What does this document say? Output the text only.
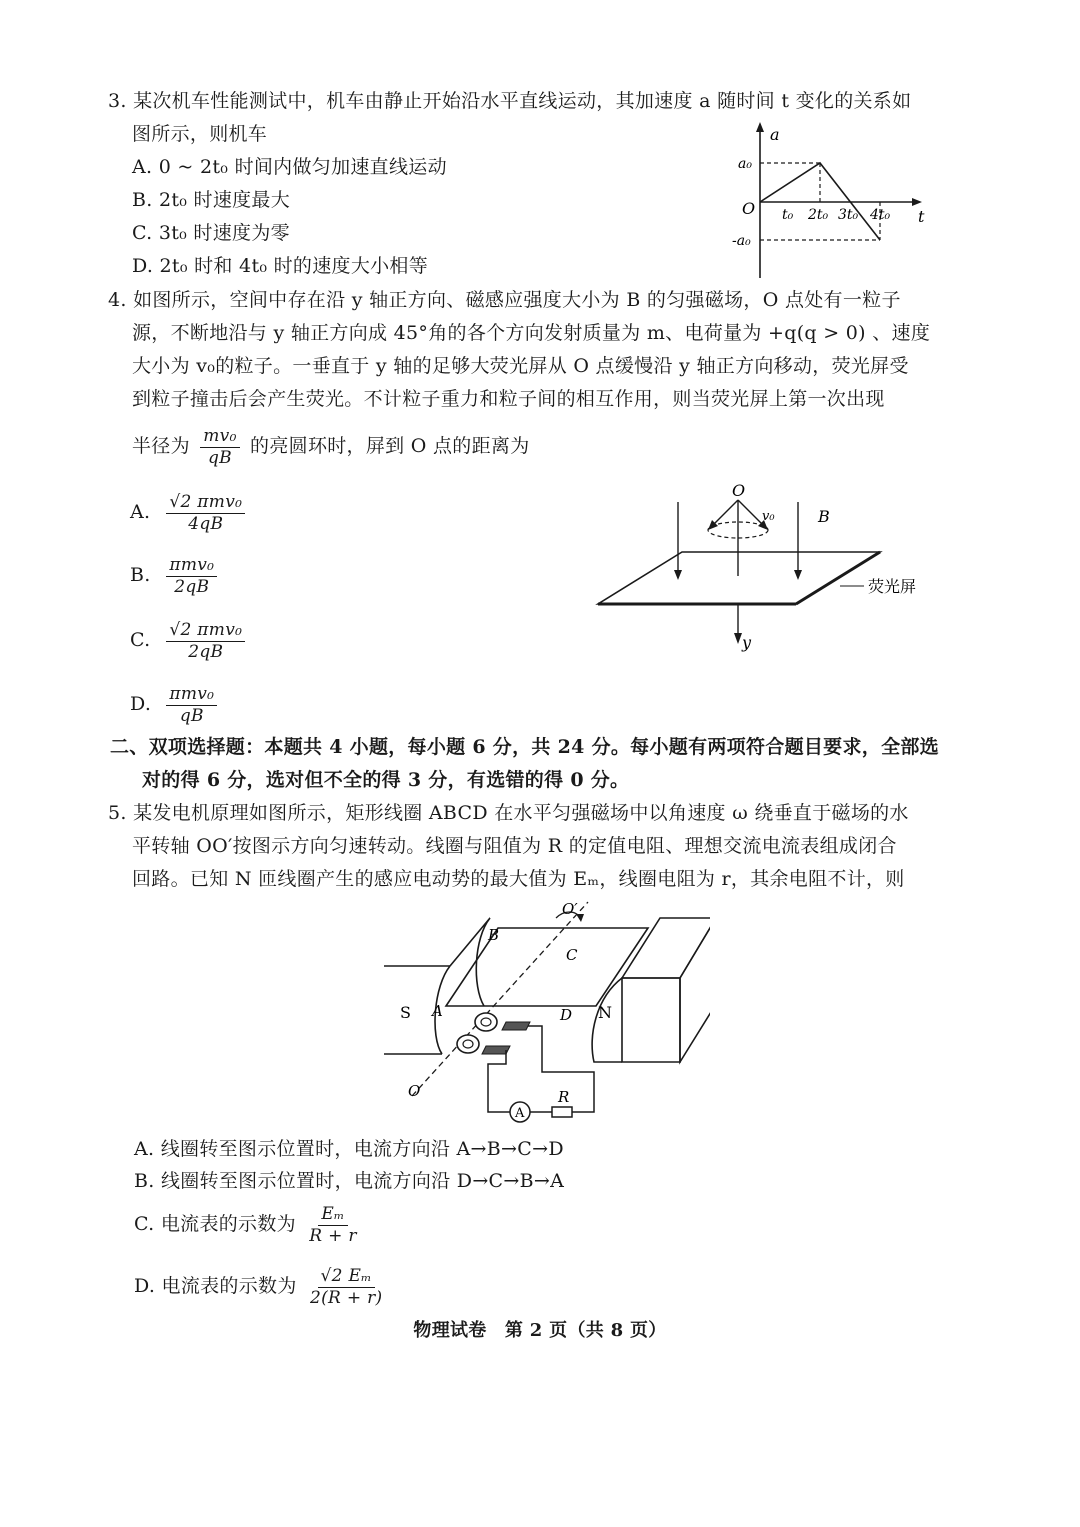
3. 某次机车性能测试中，机车由静止开始沿水平直线运动，其加速度 a 随时间 t 变化的关系如
图所示，则机车
A. 0 ~ 2t₀ 时间内做匀加速直线运动
B. 2t₀ 时速度最大
C. 3t₀ 时速度为零
D. 2t₀ 时和 4t₀ 时的速度大小相等
a
t
O
a₀
-a₀
t₀ 2t₀ 3t₀ 4t₀
4. 如图所示，空间中存在沿 y 轴正方向、磁感应强度大小为 B 的匀强磁场，O 点处有一粒子
源，不断地沿与 y 轴正方向成 45°角的各个方向发射质量为 m、电荷量为 +q(q > 0) 、速度
大小为 v₀的粒子。一垂直于 y 轴的足够大荧光屏从 O 点缓慢沿 y 轴正方向移动，荧光屏受
到粒子撞击后会产生荧光。不计粒子重力和粒子间的相互作用，则当荧光屏上第一次出现
半径为 $\frac{\text{mv₀}}{qB}$ 的亮圆环时，屏到 O 点的距离为
A. $\frac{\text{√2 πmv₀}}{4qB}$
B. $\frac{\text{πmv₀}}{2qB}$
C. $\frac{\text{√2 πmv₀}}{2qB}$
D. $\frac{\text{πmv₀}}{qB}$
O
v₀	B
荧光屏
y
二、双项选择题：本题共 4 小题，每小题 6 分，共 24 分。每小题有两项符合题目要求，全部选
对的得 6 分，选对但不全的得 3 分，有选错的得 0 分。
5. 某发电机原理如图所示，矩形线圈 ABCD 在水平匀强磁场中以角速度 ω 绕垂直于磁场的水
平转轴 OO′按图示方向匀速转动。线圈与阻值为 R 的定值电阻、理想交流电流表组成闭合
回路。已知 N 匝线圈产生的感应电动势的最大值为 Eₘ，线圈电阻为 r，其余电阻不计，则
A
R
S	N
A
B
C
D
O
O′
A. 线圈转至图示位置时，电流方向沿 A→B→C→D
B. 线圈转至图示位置时，电流方向沿 D→C→B→A
C. 电流表的示数为 $\frac{\text{Eₘ}}{R + r}$
D. 电流表的示数为 $\frac{\text{√2 Eₘ}}{2(R + r)}$
物理试卷　第 2 页（共 8 页）
